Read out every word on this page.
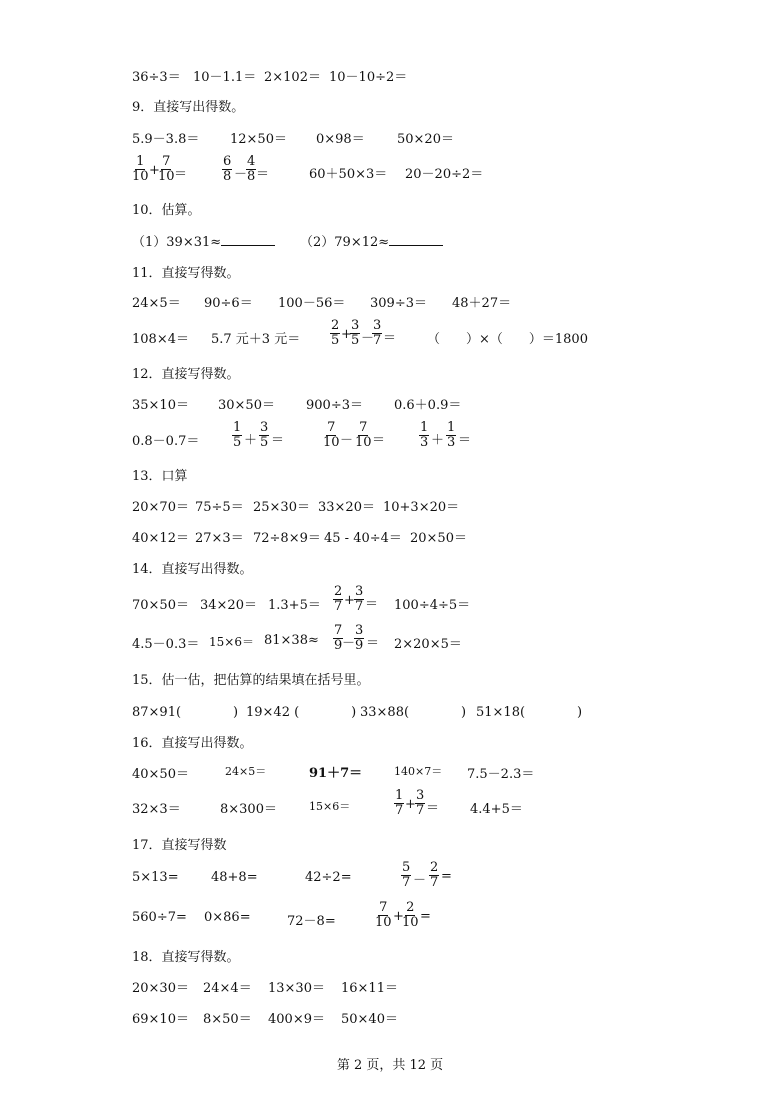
36÷3＝ 10－1.1＝ 2×102＝ 10－10÷2＝
9．直接写出得数。
5.9－3.8＝ 12×50＝ 0×98＝ 50×20＝
1
10 +
7
10 ＝
6
8 －
4
8 ＝	60＋50×3＝ 20－20÷2＝
10．估算。
（1）39×31≈	（2）79×12≈
11．直接写得数。
24×5＝ 90÷6＝ 100－56＝ 309÷3＝ 48＋27＝
108×4＝ 5.7 元＋3 元＝
2
5 +
3
5 －
3
7 ＝ （　　）×（　　）＝1800
12．直接写得数。
35×10＝ 30×50＝ 900÷3＝ 0.6＋0.9＝
0.8－0.7＝
1
5 ＋
3
5 ＝
7
10 －
7
10 ＝
1
3 ＋
1
3 ＝
13．口算
20×70＝ 75÷5＝ 25×30＝ 33×20＝ 10+3×20＝
40×12＝ 27×3＝ 72÷8×9＝ 45 - 40÷4＝ 20×50＝
14．直接写出得数。
70×50＝ 34×20＝ 1.3+5＝
2
7 +
3
7 ＝ 100÷4÷5＝
4.5－0.3＝ 15×6＝ 81×38≈
7
9 －
3
9 ＝ 2×20×5＝
15．估一估，把估算的结果填在括号里。
87×91(　　　　) 19×42 (　　　　) 33×88(　　　　) 51×18(　　　　)
16．直接写出得数。
40×50＝	24×5＝	91＋7＝	140×7＝ 7.5－2.3＝
32×3＝	8×300＝	15×6＝
1
7 +
3
7 ＝ 4.4+5＝
17．直接写得数
5×13= 48+8=	42÷2=
5
7 －
2
7 =
560÷7= 0×86=	72－8=
7
10 +
2
10 =
18．直接写得数。
20×30＝ 24×4＝ 13×30＝ 16×11＝
69×10＝ 8×50＝ 400×9＝ 50×40＝
第 2 页，共 12 页
